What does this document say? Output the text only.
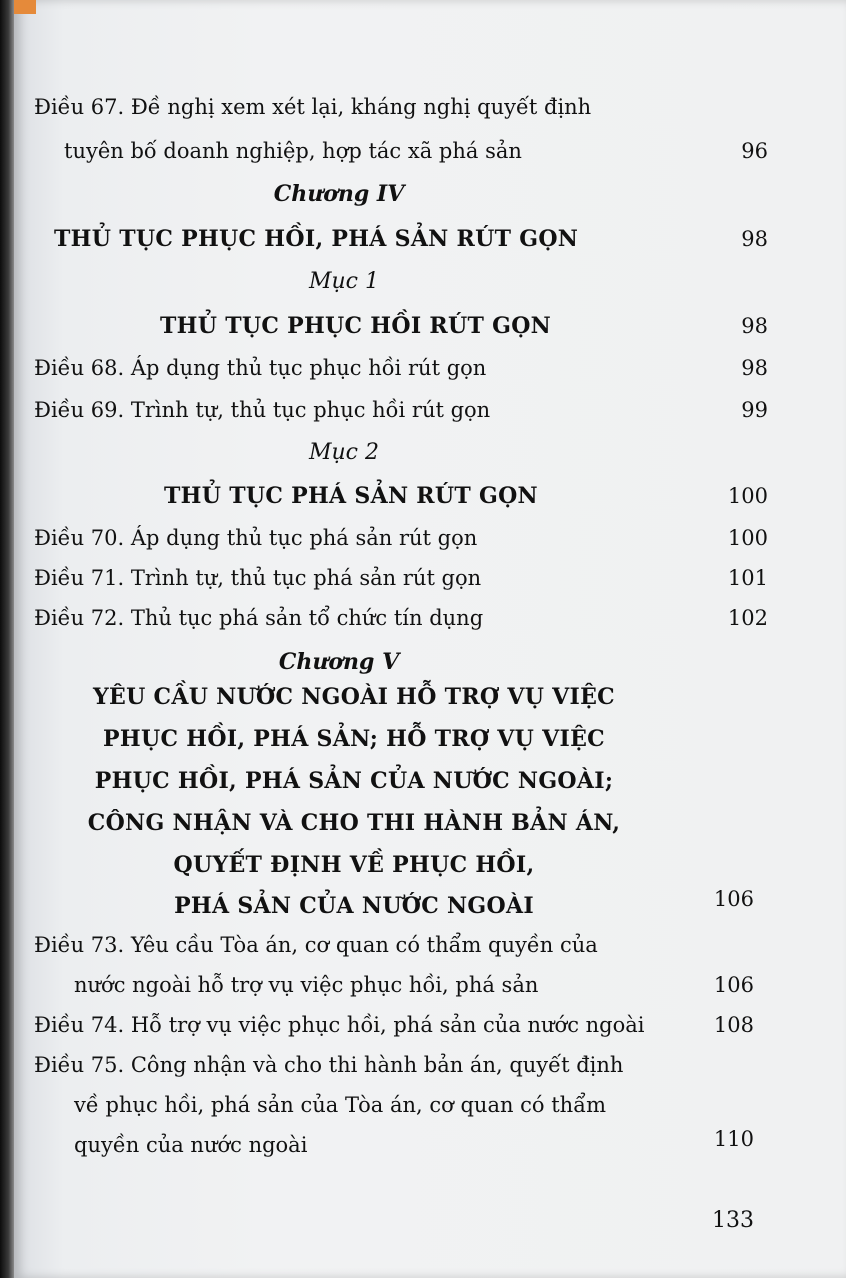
Điều 67. Đề nghị xem xét lại, kháng nghị quyết định
tuyên bố doanh nghiệp, hợp tác xã phá sản	96
Chương IV
THỦ TỤC PHỤC HỒI, PHÁ SẢN RÚT GỌN	98
Mục 1
THỦ TỤC PHỤC HỒI RÚT GỌN	98
Điều 68. Áp dụng thủ tục phục hồi rút gọn	98
Điều 69. Trình tự, thủ tục phục hồi rút gọn	99
Mục 2
THỦ TỤC PHÁ SẢN RÚT GỌN	100
Điều 70. Áp dụng thủ tục phá sản rút gọn	100
Điều 71. Trình tự, thủ tục phá sản rút gọn	101
Điều 72. Thủ tục phá sản tổ chức tín dụng	102
Chương V
YÊU CẦU NƯỚC NGOÀI HỖ TRỢ VỤ VIỆC
PHỤC HỒI, PHÁ SẢN; HỖ TRỢ VỤ VIỆC
PHỤC HỒI, PHÁ SẢN CỦA NƯỚC NGOÀI;
CÔNG NHẬN VÀ CHO THI HÀNH BẢN ÁN,
QUYẾT ĐỊNH VỀ PHỤC HỒI,
PHÁ SẢN CỦA NƯỚC NGOÀI	106
Điều 73. Yêu cầu Tòa án, cơ quan có thẩm quyền của
nước ngoài hỗ trợ vụ việc phục hồi, phá sản	106
Điều 74. Hỗ trợ vụ việc phục hồi, phá sản của nước ngoài	108
Điều 75. Công nhận và cho thi hành bản án, quyết định
về phục hồi, phá sản của Tòa án, cơ quan có thẩm
quyền của nước ngoài	110
133
